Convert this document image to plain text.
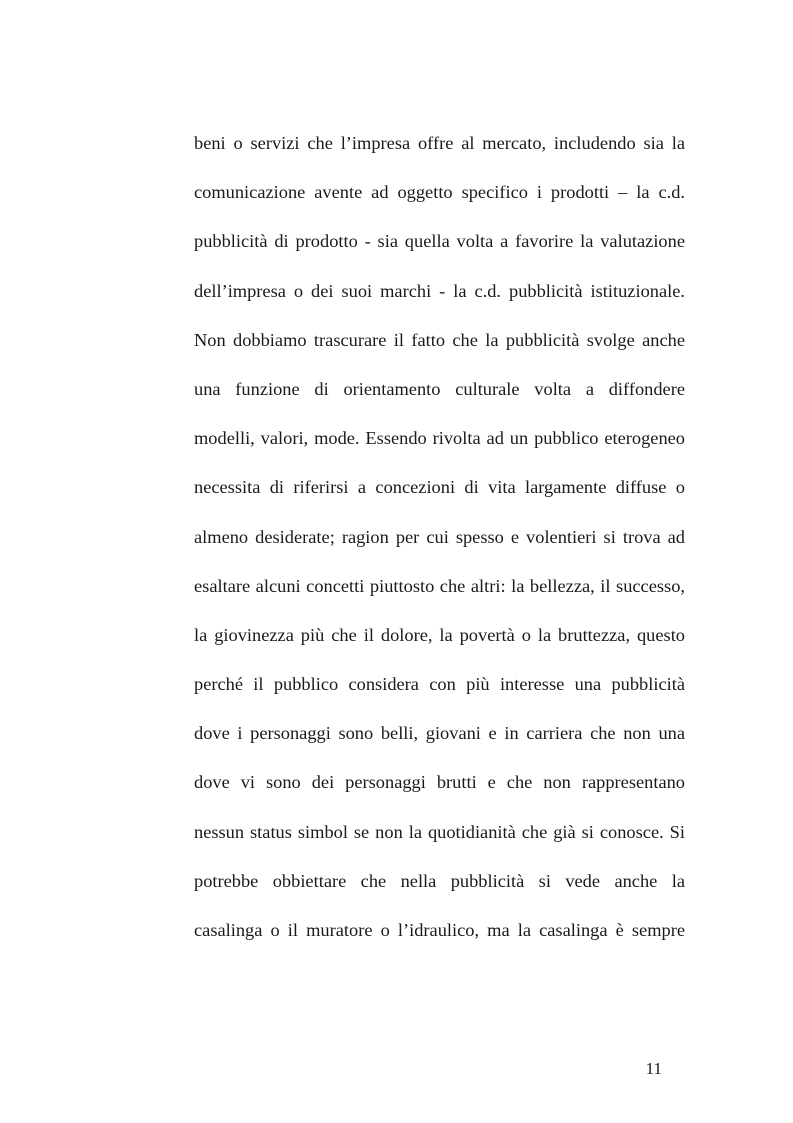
beni o servizi che l’impresa offre al mercato, includendo sia la
comunicazione avente ad oggetto specifico i prodotti – la c.d.
pubblicità di prodotto - sia quella volta a favorire la valutazione
dell’impresa o dei suoi marchi - la c.d. pubblicità istituzionale.
Non dobbiamo trascurare il fatto che la pubblicità svolge anche
una funzione di orientamento culturale volta a diffondere
modelli, valori, mode. Essendo rivolta ad un pubblico eterogeneo
necessita di riferirsi a concezioni di vita largamente diffuse o
almeno desiderate; ragion per cui spesso e volentieri si trova ad
esaltare alcuni concetti piuttosto che altri: la bellezza, il successo,
la giovinezza più che il dolore, la povertà o la bruttezza, questo
perché il pubblico considera con più interesse una pubblicità
dove i personaggi sono belli, giovani e in carriera che non una
dove vi sono dei personaggi brutti e che non rappresentano
nessun status simbol se non la quotidianità che già si conosce. Si
potrebbe obbiettare che nella pubblicità si vede anche la
casalinga o il muratore o l’idraulico, ma la casalinga è sempre
11
